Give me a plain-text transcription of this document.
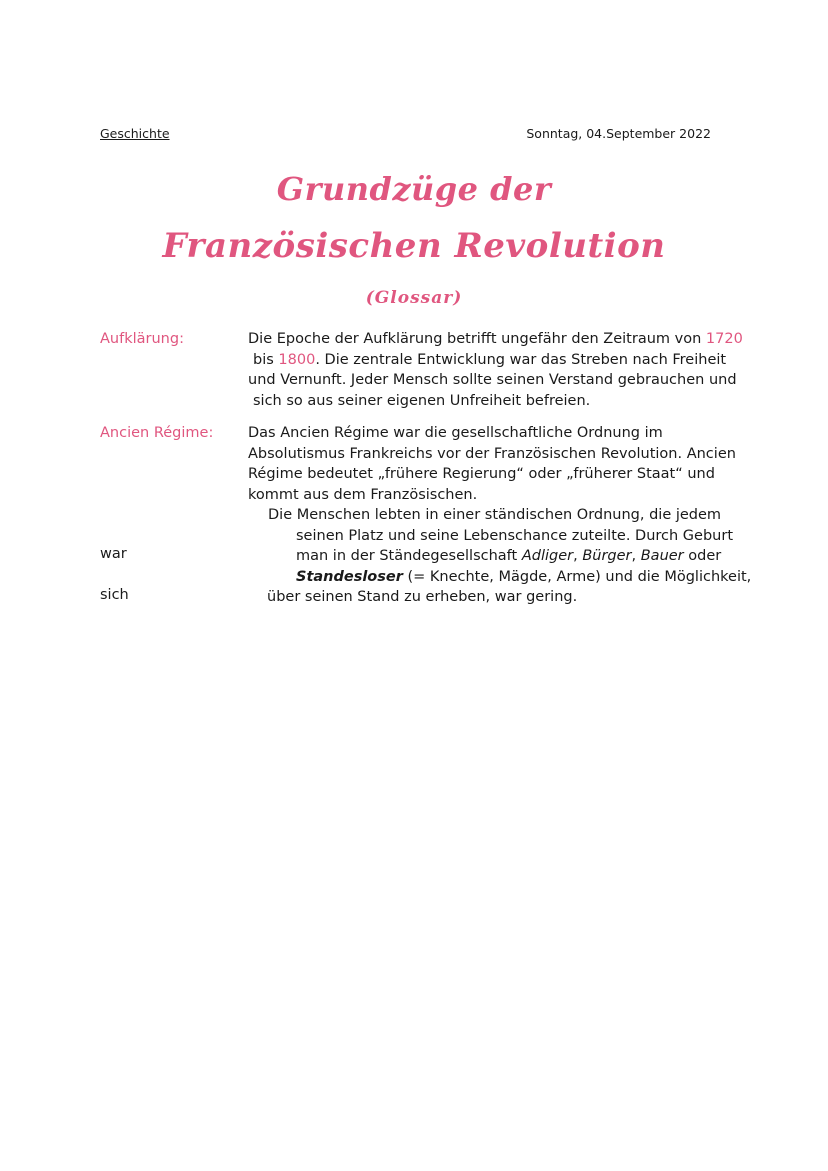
Geschichte	Sonntag, 04.September 2022
Grundzüge der
Französischen Revolution
(Glossar)
Aufklärung:	Die Epoche der Aufklärung betrifft ungefähr den Zeitraum von 1720
bis 1800. Die zentrale Entwicklung war das Streben nach Freiheit
und Vernunft. Jeder Mensch sollte seinen Verstand gebrauchen und
sich so aus seiner eigenen Unfreiheit befreien.
Ancien Régime: Das Ancien Régime war die gesellschaftliche Ordnung im
Absolutismus Frankreichs vor der Französischen Revolution. Ancien
Régime bedeutet „frühere Regierung“ oder „früherer Staat“ und
kommt aus dem Französischen.
Die Menschen lebten in einer ständischen Ordnung, die jedem
seinen Platz und seine Lebenschance zuteilte. Durch Geburt
man in der Ständegesellschaft Adliger, Bürger, Bauer oder
Standesloser (= Knechte, Mägde, Arme) und die Möglichkeit,
über seinen Stand zu erheben, war gering.
war
sich
